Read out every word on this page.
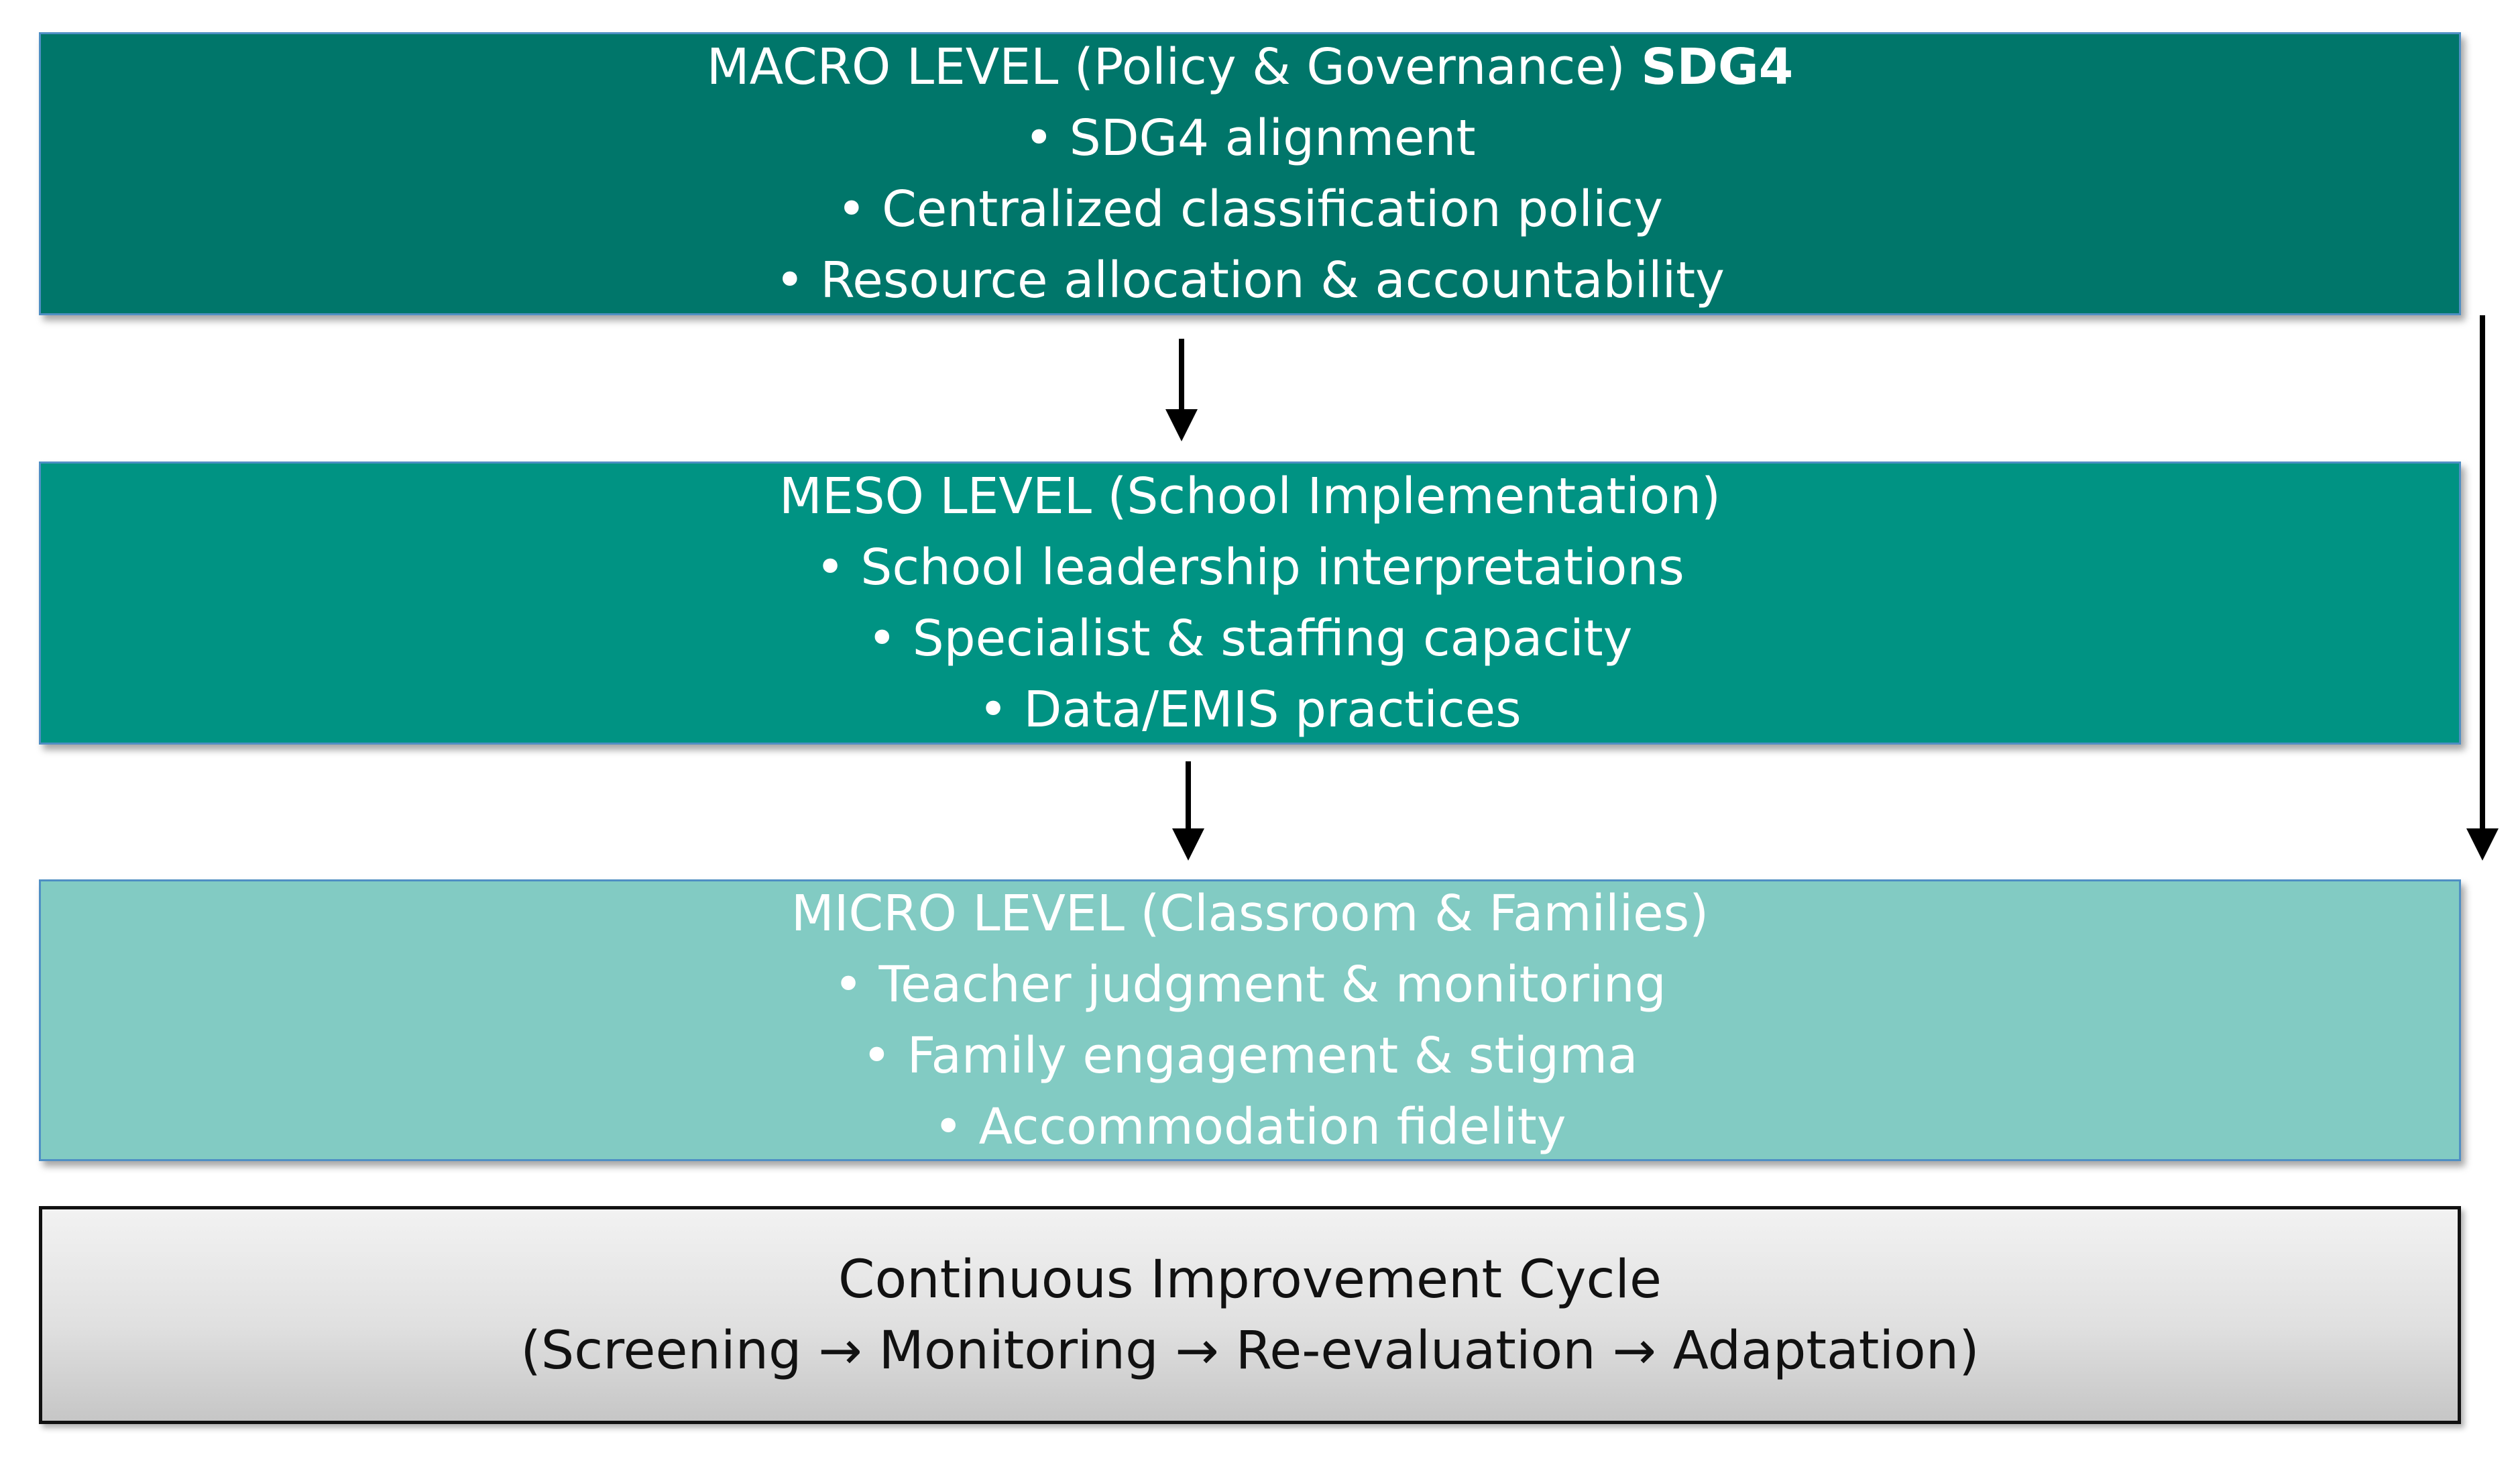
MACRO LEVEL (Policy & Governance) SDG4
• SDG4 alignment
• Centralized classification policy
• Resource allocation & accountability
MESO LEVEL (School Implementation)
• School leadership interpretations
• Specialist & staffing capacity
• Data/EMIS practices
MICRO LEVEL (Classroom & Families)
• Teacher judgment & monitoring
• Family engagement & stigma
• Accommodation fidelity
Continuous Improvement Cycle
(Screening → Monitoring → Re-evaluation → Adaptation)
